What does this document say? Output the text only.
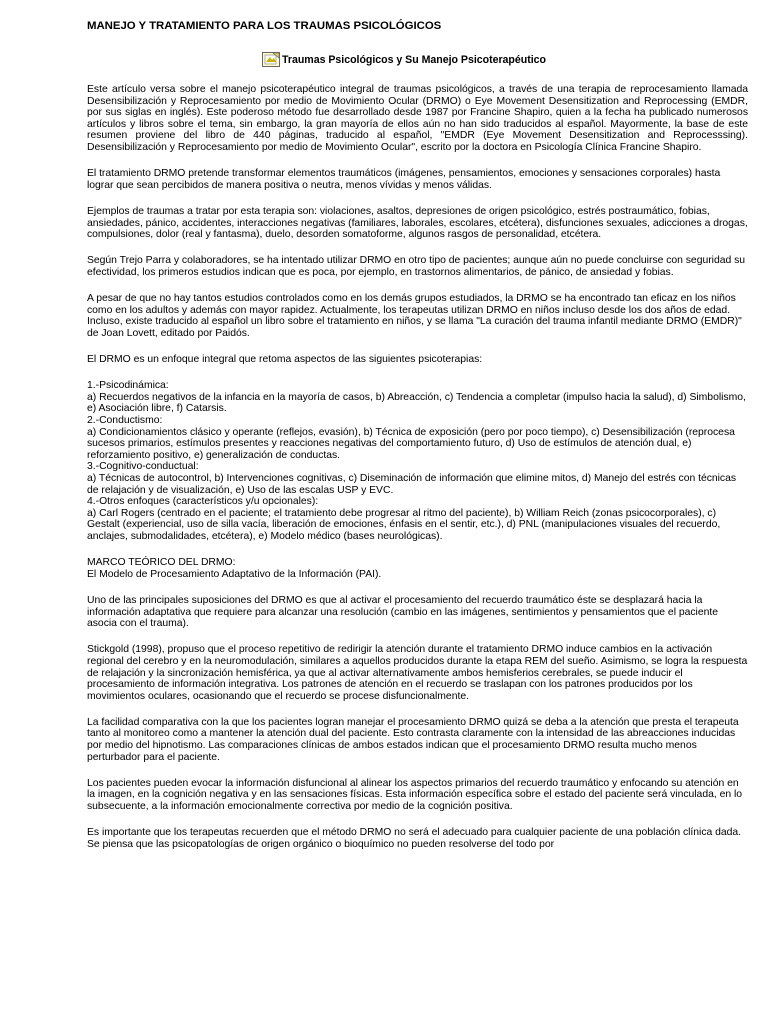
MANEJO Y TRATAMIENTO PARA LOS TRAUMAS PSICOLÓGICOS
Traumas Psicológicos y Su Manejo Psicoterapéutico

Este artículo versa sobre el manejo psicoterapéutico integral de traumas psicológicos, a través de una terapia de reprocesamiento llamada Desensibilización y Reprocesamiento por medio de Movimiento Ocular (DRMO) o Eye Movement Desensitization and Reprocessing (EMDR, por sus siglas en inglés). Este poderoso método fue desarrollado desde 1987 por Francine Shapiro, quien a la fecha ha publicado numerosos artículos y libros sobre el tema, sin embargo, la gran mayoría de ellos aún no han sido traducidos al español. Mayormente, la base de este resumen proviene del libro de 440 páginas, traducido al español, "EMDR (Eye Movement Desensitization and Reprocesssing). Desensibilización y Reprocesamiento por medio de Movimiento Ocular", escrito por la doctora en Psicología Clínica Francine Shapiro.

El tratamiento DRMO pretende transformar elementos traumáticos (imágenes, pensamientos, emociones y sensaciones corporales) hasta lograr que sean percibidos de manera positiva o neutra, menos vívidas y menos válidas.

Ejemplos de traumas a tratar por esta terapia son: violaciones, asaltos, depresiones de origen psicológico, estrés postraumático, fobias, ansiedades, pánico, accidentes, interacciones negativas (familiares, laborales, escolares, etcétera), disfunciones sexuales, adicciones a drogas, compulsiones, dolor (real y fantasma), duelo, desorden somatoforme, algunos rasgos de personalidad, etcétera.

Según Trejo Parra y colaboradores, se ha intentado utilizar DRMO en otro tipo de pacientes; aunque aún no puede concluirse con seguridad su efectividad, los primeros estudios indican que es poca, por ejemplo, en trastornos alimentarios, de pánico, de ansiedad y fobias.

A pesar de que no hay tantos estudios controlados como en los demás grupos estudiados, la DRMO se ha encontrado tan eficaz en los niños como en los adultos y además con mayor rapidez. Actualmente, los terapeutas utilizan DRMO en niños incluso desde los dos años de edad. Incluso, existe traducido al español un libro sobre el tratamiento en niños, y se llama "La curación del trauma infantil mediante DRMO (EMDR)" de Joan Lovett, editado por Paidós.

El DRMO es un enfoque integral que retoma aspectos de las siguientes psicoterapias:

1.-Psicodinámica:
a) Recuerdos negativos de la infancia en la mayoría de casos, b) Abreacción, c) Tendencia a completar (impulso hacia la salud), d) Simbolismo, e) Asociación libre, f) Catarsis.
2.-Conductismo:
a) Condicionamientos clásico y operante (reflejos, evasión), b) Técnica de exposición (pero por poco tiempo), c) Desensibilización (reprocesa sucesos primarios, estímulos presentes y reacciones negativas del comportamiento futuro, d) Uso de estímulos de atención dual, e) reforzamiento positivo, e) generalización de conductas.
3.-Cognitivo-conductual:
a) Técnicas de autocontrol, b) Intervenciones cognitivas, c) Diseminación de información que elimine mitos, d) Manejo del estrés con técnicas de relajación y de visualización, e) Uso de las escalas USP y EVC.
4.-Otros enfoques (característicos y/u opcionales):
a) Carl Rogers (centrado en el paciente; el tratamiento debe progresar al ritmo del paciente), b) William Reich (zonas psicocorporales), c) Gestalt (experiencial, uso de silla vacía, liberación de emociones, énfasis en el sentir, etc.), d) PNL (manipulaciones visuales del recuerdo, anclajes, submodalidades, etcétera), e) Modelo médico (bases neurológicas).
MARCO TEÓRICO DEL DRMO:
El Modelo de Procesamiento Adaptativo de la Información (PAI).

Uno de las principales suposiciones del DRMO es que al activar el procesamiento del recuerdo traumático éste se desplazará hacia la información adaptativa que requiere para alcanzar una resolución (cambio en las imágenes, sentimientos y pensamientos que el paciente asocia con el trauma).

Stickgold (1998), propuso que el proceso repetitivo de redirigir la atención durante el tratamiento DRMO induce cambios en la activación regional del cerebro y en la neuromodulación, similares a aquellos producidos durante la etapa REM del sueño. Asimismo, se logra la respuesta de relajación y la sincronización hemisférica, ya que al activar alternativamente ambos hemisferios cerebrales, se puede inducir el procesamiento de información integrativa. Los patrones de atención en el recuerdo se traslapan con los patrones producidos por los movimientos oculares, ocasionando que el recuerdo se procese disfuncionalmente.

La facilidad comparativa con la que los pacientes logran manejar el procesamiento DRMO quizá se deba a la atención que presta el terapeuta tanto al monitoreo como a mantener la atención dual del paciente. Esto contrasta claramente con la intensidad de las abreacciones inducidas por medio del hipnotismo. Las comparaciones clínicas de ambos estados indican que el procesamiento DRMO resulta mucho menos perturbador para el paciente.

Los pacientes pueden evocar la información disfuncional al alinear los aspectos primarios del recuerdo traumático y enfocando su atención en la imagen, en la cognición negativa y en las sensaciones físicas. Esta información específica sobre el estado del paciente será vinculada, en lo subsecuente, a la información emocionalmente correctiva por medio de la cognición positiva.

Es importante que los terapeutas recuerden que el método DRMO no será el adecuado para cualquier paciente de una población clínica dada. Se piensa que las psicopatologías de origen orgánico o bioquímico no pueden resolverse del todo por
